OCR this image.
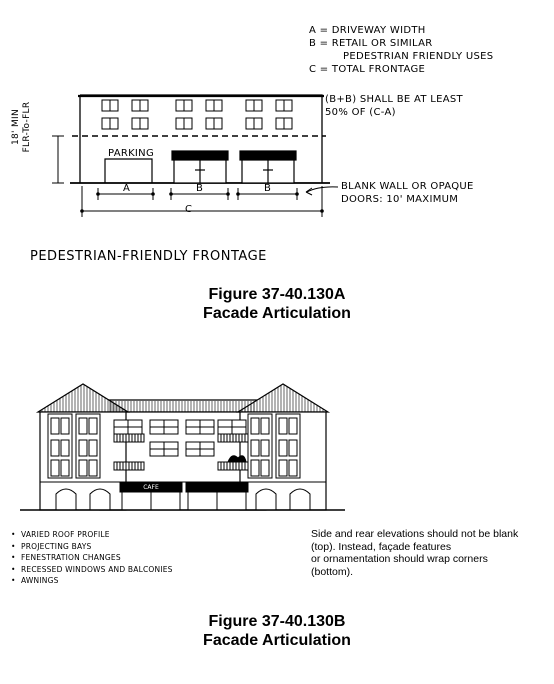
A = DRIVEWAY WIDTH
B = RETAIL OR SIMILAR
PEDESTRIAN FRIENDLY USES
C = TOTAL FRONTAGE
(B+B) SHALL BE AT LEAST
50% OF (C-A)
18' MIN FLR-To-FLR
PARKING
A	B	B
C
BLANK WALL OR OPAQUE
DOORS: 10' MAXIMUM
PEDESTRIAN-FRIENDLY FRONTAGE
Figure 37-40.130A
Facade Articulation
CAFE
• VARIED ROOF PROFILE
• PROJECTING BAYS
• FENESTRATION CHANGES
• RECESSED WINDOWS AND BALCONIES
• AWNINGS
Side and rear elevations should not be blank
(top). Instead, façade features
or ornamentation should wrap corners
(bottom).
Figure 37-40.130B
Facade Articulation
